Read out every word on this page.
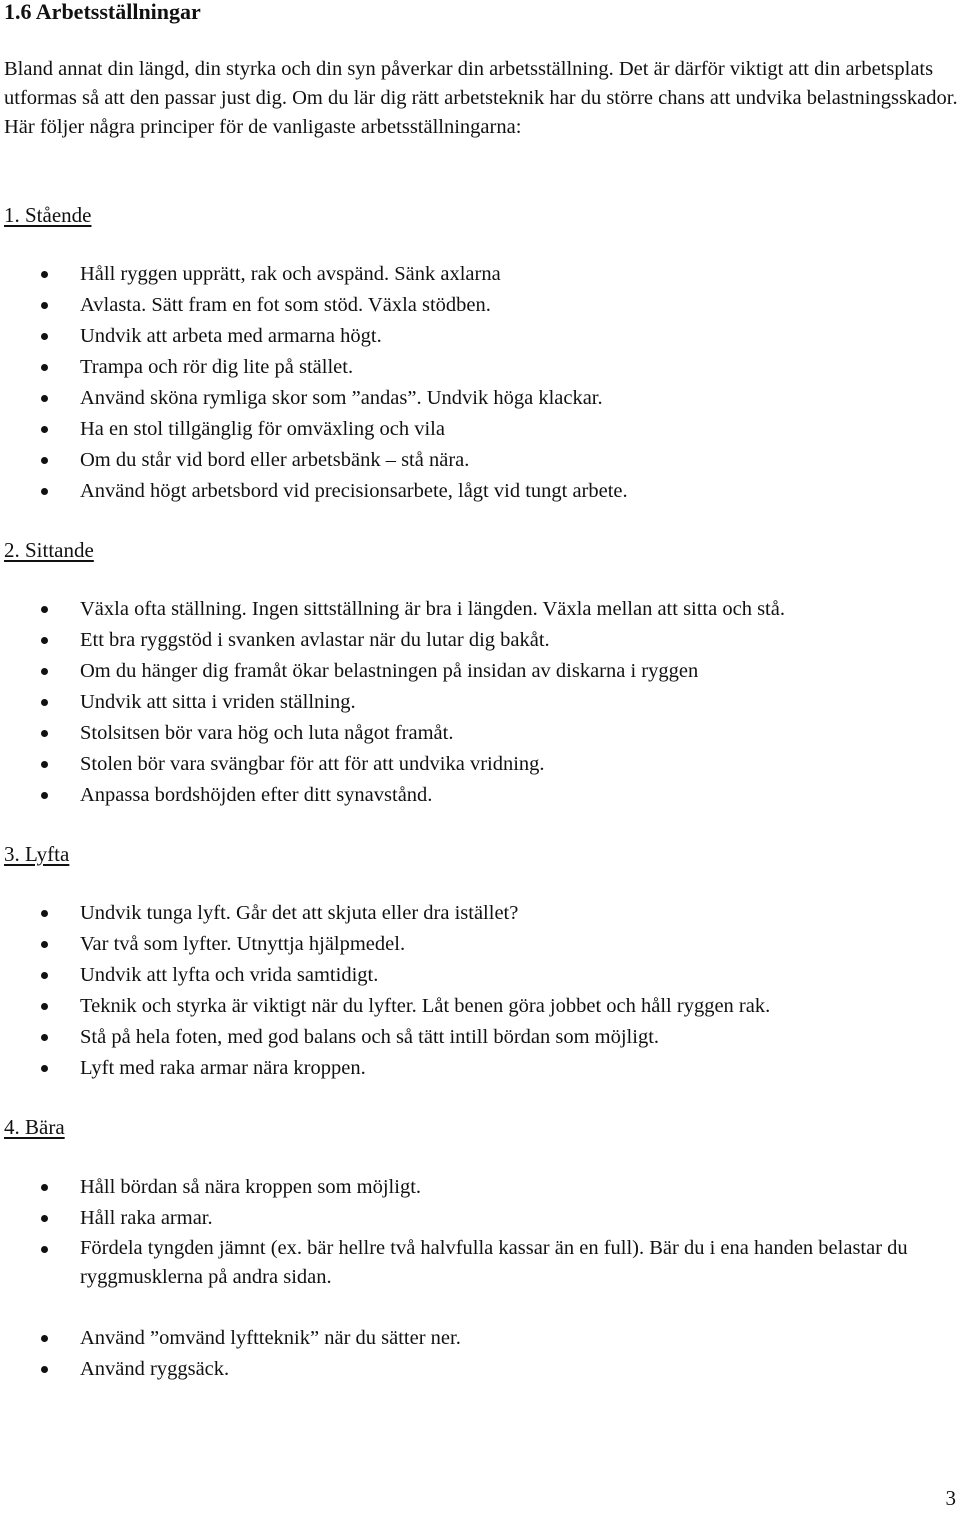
1.6 Arbetsställningar

Bland annat din längd, din styrka och din syn påverkar din arbetsställning. Det är därför viktigt att din arbetsplats utformas så att den passar just dig. Om du lär dig rätt arbetsteknik har du större chans att undvika belastningsskador. Här följer några principer för de vanligaste arbetsställningarna:

1. Stående

Håll ryggen upprätt, rak och avspänd. Sänk axlarna
Avlasta. Sätt fram en fot som stöd. Växla stödben.
Undvik att arbeta med armarna högt.
Trampa och rör dig lite på stället.
Använd sköna rymliga skor som ”andas”. Undvik höga klackar.
Ha en stol tillgänglig för omväxling och vila
Om du står vid bord eller arbetsbänk – stå nära.
Använd högt arbetsbord vid precisionsarbete, lågt vid tungt arbete.

2. Sittande

Växla ofta ställning. Ingen sittställning är bra i längden. Växla mellan att sitta och stå.
Ett bra ryggstöd i svanken avlastar när du lutar dig bakåt.
Om du hänger dig framåt ökar belastningen på insidan av diskarna i ryggen
Undvik att sitta i vriden ställning.
Stolsitsen bör vara hög och luta något framåt.
Stolen bör vara svängbar för att för att undvika vridning.
Anpassa bordshöjden efter ditt synavstånd.

3. Lyfta

Undvik tunga lyft. Går det att skjuta eller dra istället?
Var två som lyfter. Utnyttja hjälpmedel.
Undvik att lyfta och vrida samtidigt.
Teknik och styrka är viktigt när du lyfter. Låt benen göra jobbet och håll ryggen rak.
Stå på hela foten, med god balans och så tätt intill bördan som möjligt.
Lyft med raka armar nära kroppen.

4. Bära

Håll bördan så nära kroppen som möjligt.
Håll raka armar.
Fördela tyngden jämnt (ex. bär hellre två halvfulla kassar än en full). Bär du i ena handen belastar du ryggmusklerna på andra sidan.
Använd ”omvänd lyftteknik” när du sätter ner.
Använd ryggsäck.
3
